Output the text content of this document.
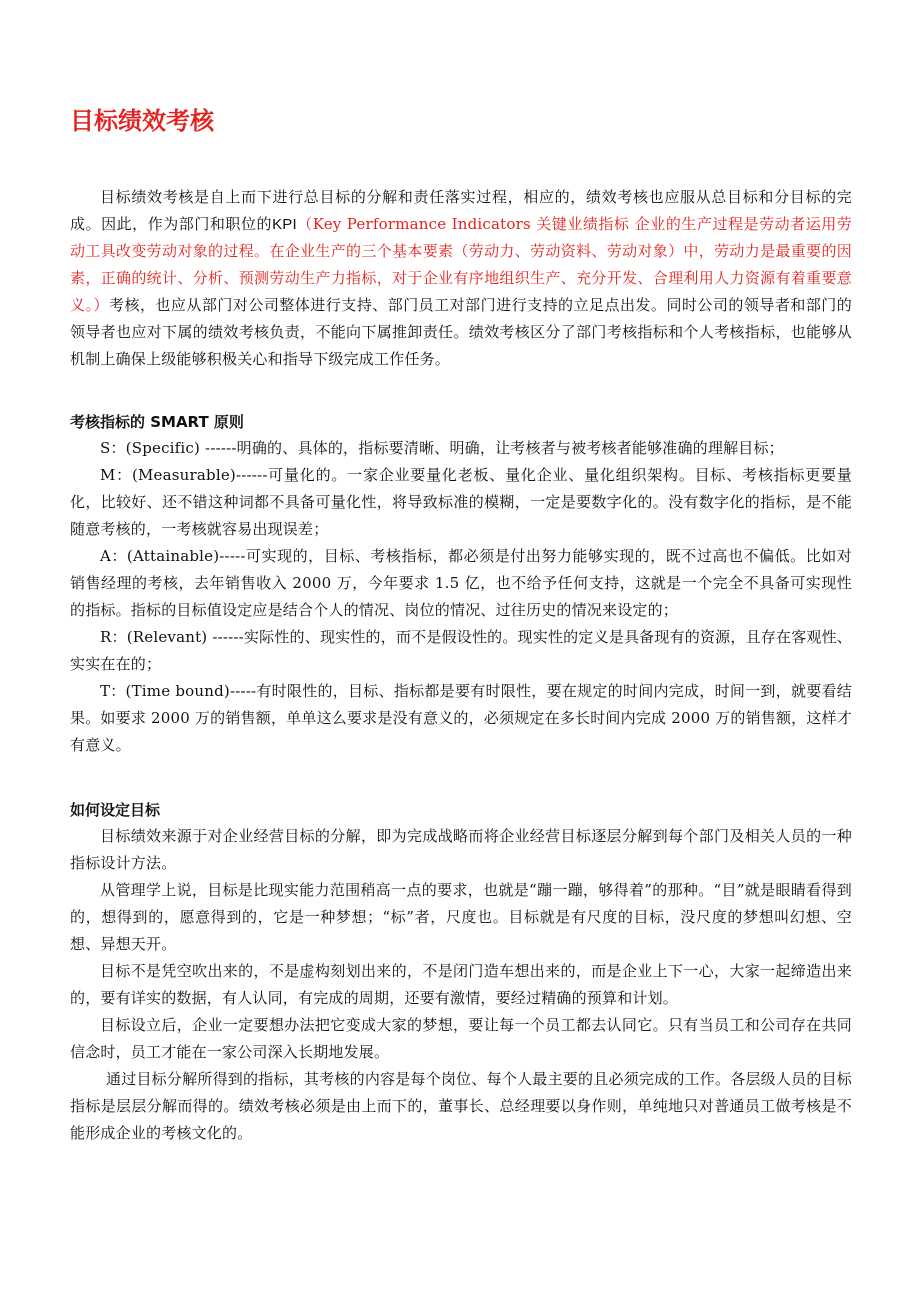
目标绩效考核

目标绩效考核是自上而下进行总目标的分解和责任落实过程，相应的，绩效考核也应服从总目标和分目标的完成。因此，作为部门和职位的KPI（Key Performance Indicators 关键业绩指标 企业的生产过程是劳动者运用劳动工具改变劳动对象的过程。在企业生产的三个基本要素（劳动力、劳动资料、劳动对象）中，劳动力是最重要的因素，正确的统计、分析、预测劳动生产力指标，对于企业有序地组织生产、充分开发、合理利用人力资源有着重要意义。）考核，也应从部门对公司整体进行支持、部门员工对部门进行支持的立足点出发。同时公司的领导者和部门的领导者也应对下属的绩效考核负责，不能向下属推卸责任。绩效考核区分了部门考核指标和个人考核指标，也能够从机制上确保上级能够积极关心和指导下级完成工作任务。

考核指标的 SMART 原则

S：(Specific) ------明确的、具体的，指标要清晰、明确，让考核者与被考核者能够准确的理解目标；

M：(Measurable)------可量化的。一家企业要量化老板、量化企业、量化组织架构。目标、考核指标更要量化，比较好、还不错这种词都不具备可量化性，将导致标准的模糊，一定是要数字化的。没有数字化的指标，是不能随意考核的，一考核就容易出现误差；

A：(Attainable)-----可实现的，目标、考核指标，都必须是付出努力能够实现的，既不过高也不偏低。比如对销售经理的考核，去年销售收入 2000 万，今年要求 1.5 亿，也不给予任何支持，这就是一个完全不具备可实现性的指标。指标的目标值设定应是结合个人的情况、岗位的情况、过往历史的情况来设定的；

R：(Relevant) ------实际性的、现实性的，而不是假设性的。现实性的定义是具备现有的资源，且存在客观性、实实在在的；

T：(Time bound)-----有时限性的，目标、指标都是要有时限性，要在规定的时间内完成，时间一到，就要看结果。如要求 2000 万的销售额，单单这么要求是没有意义的，必须规定在多长时间内完成 2000 万的销售额，这样才有意义。

如何设定目标

目标绩效来源于对企业经营目标的分解，即为完成战略而将企业经营目标逐层分解到每个部门及相关人员的一种指标设计方法。

从管理学上说，目标是比现实能力范围稍高一点的要求，也就是“蹦一蹦，够得着”的那种。“目”就是眼睛看得到的，想得到的，愿意得到的，它是一种梦想；“标”者，尺度也。目标就是有尺度的目标，没尺度的梦想叫幻想、空想、异想天开。

目标不是凭空吹出来的，不是虚构刻划出来的，不是闭门造车想出来的，而是企业上下一心，大家一起缔造出来的，要有详实的数据，有人认同，有完成的周期，还要有激情，要经过精确的预算和计划。

目标设立后，企业一定要想办法把它变成大家的梦想，要让每一个员工都去认同它。只有当员工和公司存在共同信念时，员工才能在一家公司深入长期地发展。

通过目标分解所得到的指标，其考核的内容是每个岗位、每个人最主要的且必须完成的工作。各层级人员的目标指标是层层分解而得的。绩效考核必须是由上而下的，董事长、总经理要以身作则，单纯地只对普通员工做考核是不能形成企业的考核文化的。
